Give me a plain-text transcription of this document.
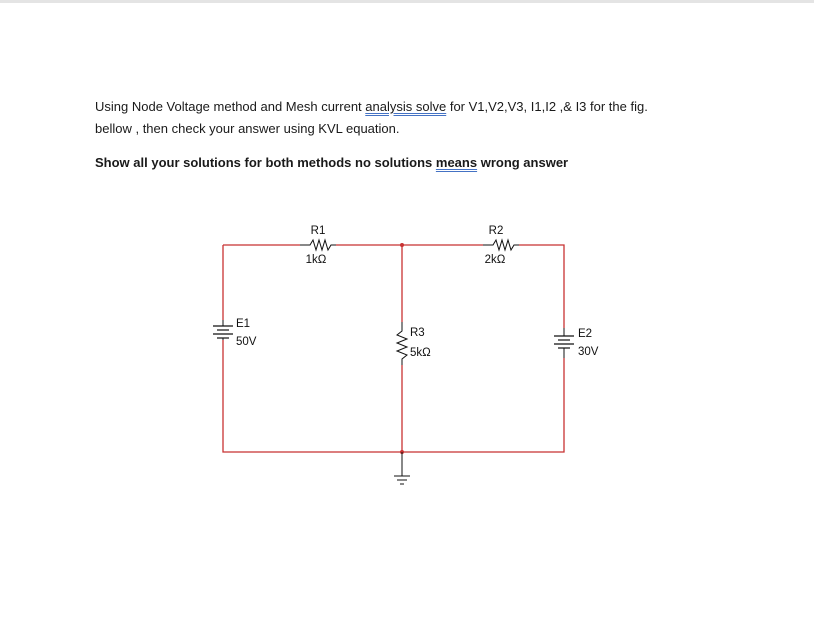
Using Node Voltage method and Mesh current analysis solve for V1,V2,V3, I1,I2 ,& I3 for the fig.
bellow , then check your answer using KVL equation.
Show all your solutions for both methods no solutions means wrong answer
R1
1kΩ
R2
2kΩ
R3
5kΩ
E1
50V
E2
30V
